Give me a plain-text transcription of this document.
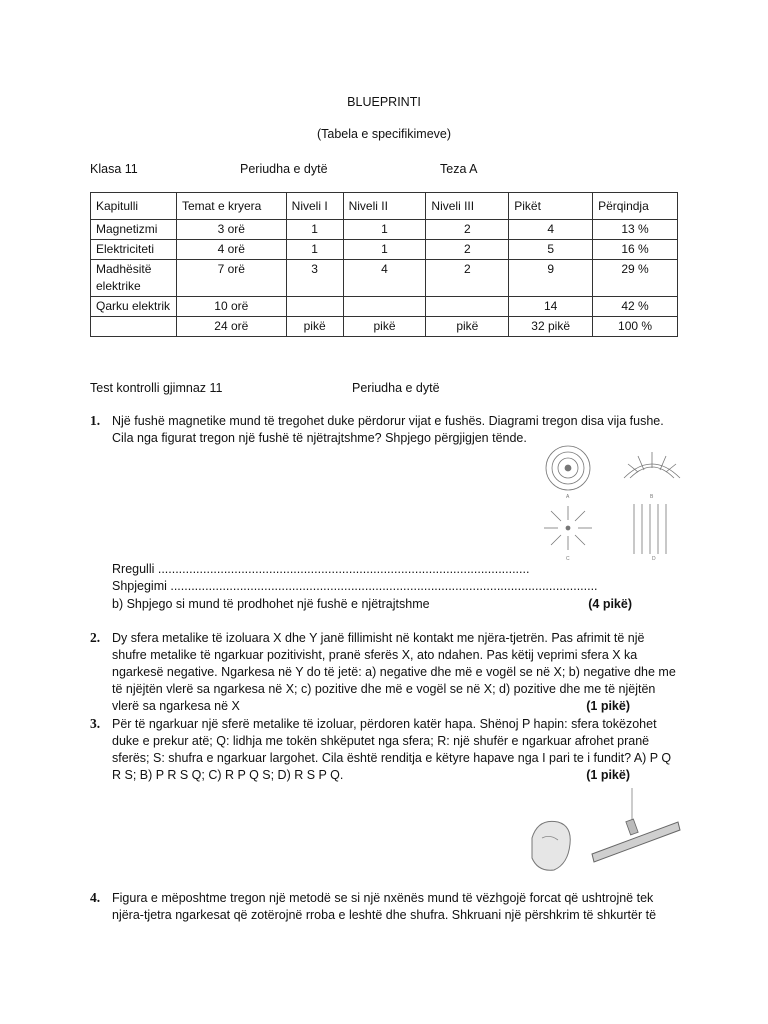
BLUEPRINTI
(Tabela e specifikimeve)
Klasa 11	Periudha e dytë	Teza A
Kapitulli	Temat e kryera	Niveli I	Niveli II	Niveli III	Pikët	Përqindja
Magnetizmi	3 orë	1	1	2	4	13 %
Elektriciteti	4 orë	1	1	2	5	16 %
Madhësitë elektrike	7 orë	3	4	2	9	29 %
Qarku elektrik	10 orë				14	42 %
	24 orë	pikë	pikë	pikë	32 pikë	100 %
Test kontrolli gjimnaz 11	Periudha e dytë
1. Një fushë magnetike mund të tregohet duke përdorur vijat e fushës. Diagrami tregon disa vija fushe. Cila nga figurat tregon një fushë të njëtrajtshme? Shpjego përgjigjen tënde.
A	B
C	D
Rregulli ...........................................................................................................
Shpjegimi ...........................................................................................................................
b) Shpjego si mund të prodhohet një fushë e njëtrajtshme	(4 pikë)
2. Dy sfera metalike të izoluara X dhe Y janë fillimisht në kontakt me njëra-tjetrën. Pas afrimit të një shufre metalike të ngarkuar pozitivisht, pranë sferës X, ato ndahen. Pas këtij veprimi sfera X ka ngarkesë negative. Ngarkesa në Y do të jetë: a) negative dhe më e vogël se në X; b) negative dhe me të njëjtën vlerë sa ngarkesa në X; c) pozitive dhe më e vogël se në X; d) pozitive dhe me të njëjtën vlerë sa ngarkesa në X	(1 pikë)
3. Për të ngarkuar një sferë metalike të izoluar, përdoren katër hapa. Shënoj P hapin: sfera tokëzohet duke e prekur atë; Q: lidhja me tokën shkëputet nga sfera; R: një shufër e ngarkuar afrohet pranë sferës; S: shufra e ngarkuar largohet. Cila është renditja e këtyre hapave nga I pari te i fundit? A) P Q R S; B) P R S Q; C) R P Q S; D) R S P Q.	(1 pikë)
4. Figura e mëposhtme tregon një metodë se si një nxënës mund të vëzhgojë forcat që ushtrojnë tek njëra-tjetra ngarkesat që zotërojnë rroba e leshtë dhe shufra. Shkruani një përshkrim të shkurtër të
